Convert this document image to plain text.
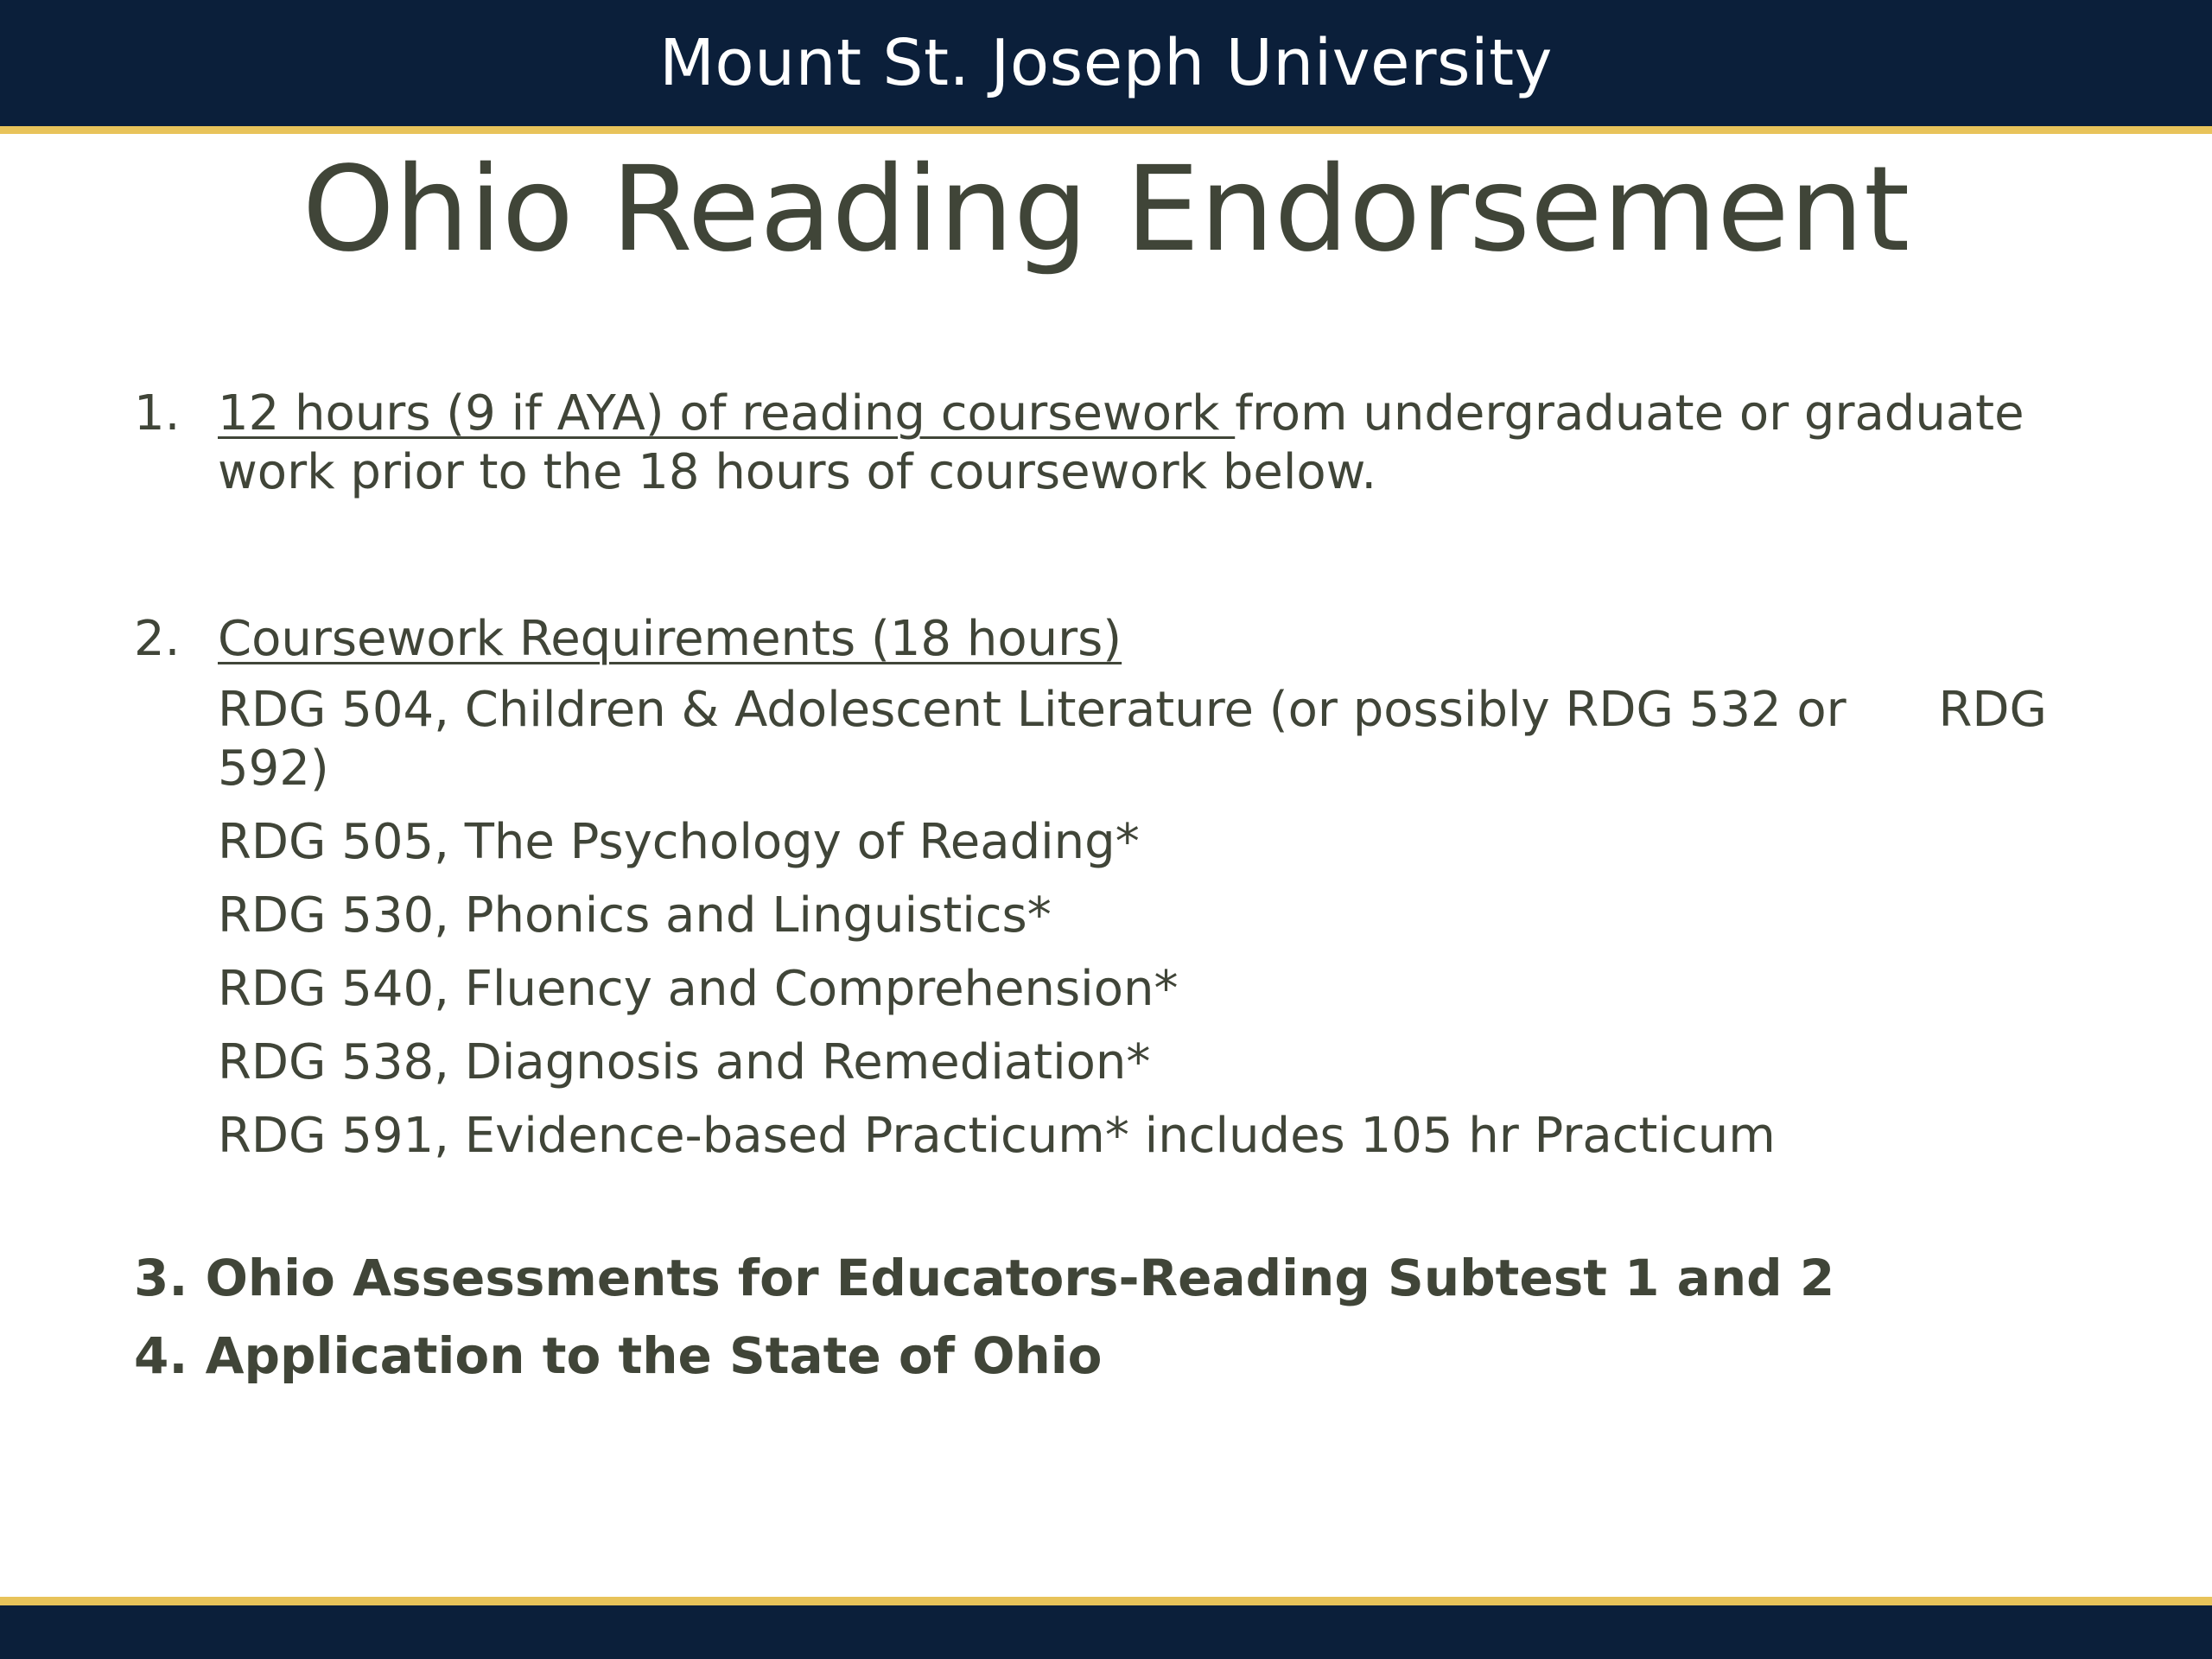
Mount St. Joseph University
Ohio Reading Endorsement
1. 12 hours (9 if AYA) of reading coursework from undergraduate or graduate work prior to the 18 hours of coursework below.
2. Coursework Requirements (18 hours)
RDG 504, Children & Adolescent Literature (or possibly RDG 532 or      RDG 592)
RDG 505, The Psychology of Reading*
RDG 530, Phonics and Linguistics*
RDG 540, Fluency and Comprehension*
RDG 538, Diagnosis and Remediation*
RDG 591, Evidence-based Practicum* includes 105 hr Practicum
3. Ohio Assessments for Educators-Reading Subtest 1 and 2
4. Application to the State of Ohio
